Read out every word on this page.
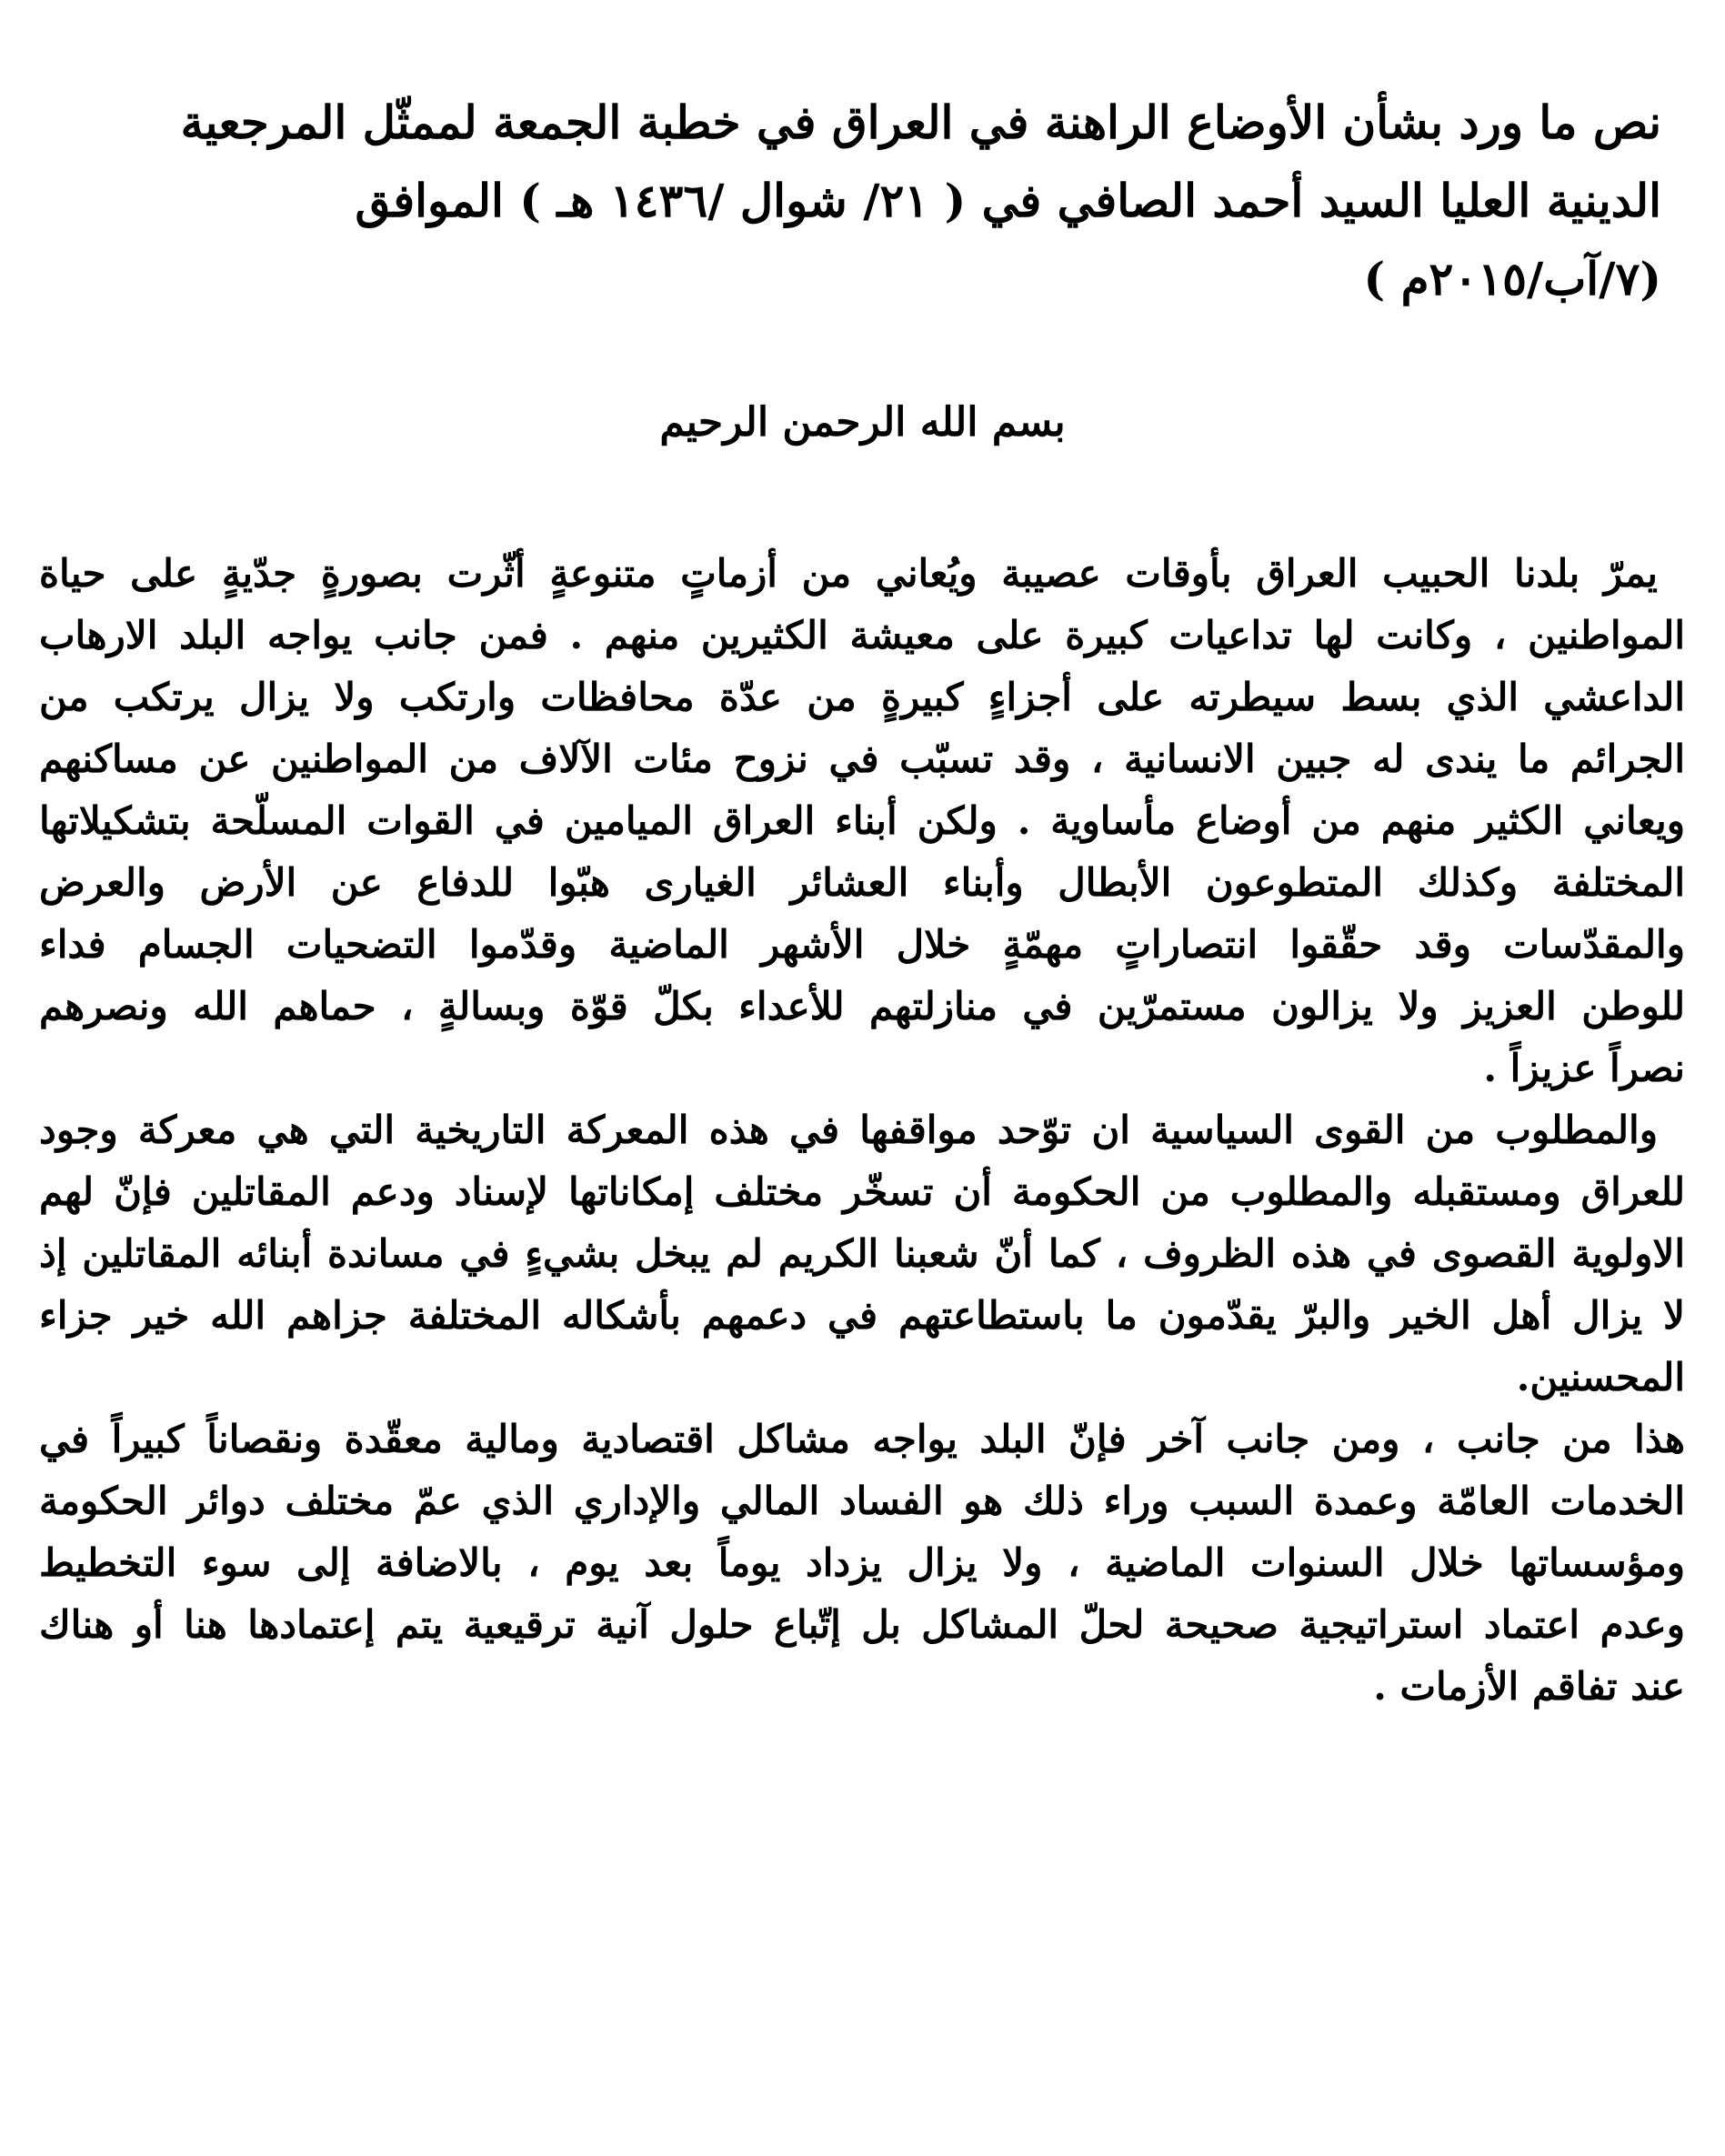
نص ما ورد بشأن الأوضاع الراهنة في العراق في خطبة الجمعة لممثّل المرجعية
الدينية العليا السيد أحمد الصافي في ( ٢١/ شوال /١٤٣٦ هـ ) الموافق
(٧/آب/٢٠١٥م )
بسم الله الرحمن الرحيم
يمرّ بلدنا الحبيب العراق بأوقات عصيبة ويُعاني من أزماتٍ متنوعةٍ أثّرت بصورةٍ جدّيةٍ على حياة
المواطنين ، وكانت لها تداعيات كبيرة على معيشة الكثيرين منهم . فمن جانب يواجه البلد الارهاب
الداعشي الذي بسط سيطرته على أجزاءٍ كبيرةٍ من عدّة محافظات وارتكب ولا يزال يرتكب من
الجرائم ما يندى له جبين الانسانية ، وقد تسبّب في نزوح مئات الآلاف من المواطنين عن مساكنهم
ويعاني الكثير منهم من أوضاع مأساوية . ولكن أبناء العراق الميامين في القوات المسلّحة بتشكيلاتها
المختلفة وكذلك المتطوعون الأبطال وأبناء العشائر الغيارى هبّوا للدفاع عن الأرض والعرض
والمقدّسات وقد حقّقوا انتصاراتٍ مهمّةٍ خلال الأشهر الماضية وقدّموا التضحيات الجسام فداء
للوطن العزيز ولا يزالون مستمرّين في منازلتهم للأعداء بكلّ قوّة وبسالةٍ ، حماهم الله ونصرهم
نصراً عزيزاً .
والمطلوب من القوى السياسية ان توّحد مواقفها في هذه المعركة التاريخية التي هي معركة وجود
للعراق ومستقبله والمطلوب من الحكومة أن تسخّر مختلف إمكاناتها لإسناد ودعم المقاتلين فإنّ لهم
الاولوية القصوى في هذه الظروف ، كما أنّ شعبنا الكريم لم يبخل بشيءٍ في مساندة أبنائه المقاتلين إذ
لا يزال أهل الخير والبرّ يقدّمون ما باستطاعتهم في دعمهم بأشكاله المختلفة جزاهم الله خير جزاء
المحسنين.
هذا من جانب ، ومن جانب آخر فإنّ البلد يواجه مشاكل اقتصادية ومالية معقّدة ونقصاناً كبيراً في
الخدمات العامّة وعمدة السبب وراء ذلك هو الفساد المالي والإداري الذي عمّ مختلف دوائر الحكومة
ومؤسساتها خلال السنوات الماضية ، ولا يزال يزداد يوماً بعد يوم ، بالاضافة إلى سوء التخطيط
وعدم اعتماد استراتيجية صحيحة لحلّ المشاكل بل إتّباع حلول آنية ترقيعية يتم إعتمادها هنا أو هناك
عند تفاقم الأزمات .
